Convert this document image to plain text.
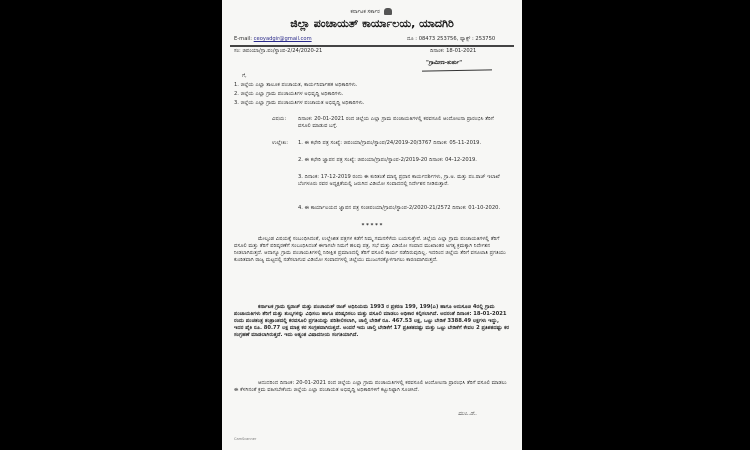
ಕರ್ನಾಟಕ ಸರ್ಕಾರ
ಜಿಲ್ಲಾ ಪಂಚಾಯತ್ ಕಾರ್ಯಾಲಯ, ಯಾದಗಿರಿ
E-mail: ceoyadgir@gmail.com	ದೂ : 08473 253756, ಫ್ಯಾಕ್ಸ್ : 253750
ಸಂ: ಜಿಪಂಯಾ/ಗ್ರಾ.ಪಂ/ಸ್ಥಾಂಪ-2/24/2020-21	ದಿನಾಂಕ: 18-01-2021
"ಗ್ರಾಮೀಣ-ತುರ್ತು"
ಗೆ,
1. ಜಿಲ್ಲೆಯ ಎಲ್ಲಾ ತಾಲೂಕ ಪಂಚಾಯತ, ಕಾರ್ಯನಿರ್ವಾಹಕ ಅಧಿಕಾರಿಗಳು.
2. ಜಿಲ್ಲೆಯ ಎಲ್ಲಾ ಗ್ರಾಮ ಪಂಚಾಯತಿಗಳ ಅಭಿವೃದ್ಧಿ ಅಧಿಕಾರಿಗಳು.
3. ಜಿಲ್ಲೆಯ ಎಲ್ಲಾ ಗ್ರಾಮ ಪಂಚಾಯತಿಗಳ ಪಂಚಾಯತ ಅಭಿವೃದ್ಧಿ ಅಧಿಕಾರಿಗಳು.
ವಿಷಯ: ದಿನಾಂಕ: 20-01-2021 ರಂದ ಜಿಲ್ಲೆಯ ಎಲ್ಲಾ ಗ್ರಾಮ ಪಂಚಾಯತಿಗಳಲ್ಲಿ ಕರವಸೂಲಿ ಆಂದೋಲನಾ ಪ್ರಾರಂಭಿಸಿ ತೆರಿಗೆ ವಸೂಲಿ ಮಾಡುವ ಬಗ್ಗೆ.
ಉಲ್ಲೇಖ: 1. ಈ ಕಛೇರಿ ಪತ್ರ ಸಂಖ್ಯೆ: ಜಿಪಂಯಾ/ಗ್ರಾಪಂ/ಸ್ಥಾಂಪ/24/2019-20/3767 ದಿನಾಂಕ: 05-11-2019.
2. ಈ ಕಛೇರಿ ಜ್ಞಾಪನ ಪತ್ರ ಸಂಖ್ಯೆ: ಜಿಪಂಯಾ/ಗ್ರಾಪಂ/ಸ್ಥಾಂಪ-2/2019-20 ದಿನಾಂಕ: 04-12-2019.
3. ದಿನಾಂಕ: 17-12-2019 ರಂದು ಈ ಕುರಿತಂತೆ ಮಾನ್ಯ ಪ್ರಧಾನ ಕಾರ್ಯದರ್ಶಿಗಳು, ಗ್ರಾ.ಅ. ಮತ್ತು ಪಂ.ರಾಜ್ ಇಲಾಖೆ ಬೆಂಗಳೂರು ರವರ ಅಧ್ಯಕ್ಷತೆಯಲ್ಲಿ ಜರುಗಿದ ವಿಡಿಯೋ ಸಂವಾದದಲ್ಲಿ ನಿರ್ದೇಶನ ನೀಡಿರುತ್ತಾರೆ.
4. ಈ ಕಾರ್ಯಾಲಯದ ಜ್ಞಾಪನ ಪತ್ರ ಸಂಜಿಪಂಯಾ/ಗ್ರಾಪಂ/ಸ್ಥಾಂಪ-2/2020-21/2572 ದಿನಾಂಕ: 01-10-2020.
* * * * *
ಮೇಲ್ಕಂಡ ವಿಷಯಕ್ಕೆ ಸಂಬಂಧಿಸಿದಂತೆ, ಉಲ್ಲೇಖಿತ ಪತ್ರಗಳ ಕಡೆಗೆ ನಿಮ್ಮ ಗಮನಸೆಳೆಯ ಬಯಸುತ್ತೇನೆ. ಜಿಲ್ಲೆಯ ಎಲ್ಲಾ ಗ್ರಾಮ ಪಂಚಾಯತಿಗಳಲ್ಲಿ ತೆರಿಗೆ ವಸೂಲಿ ಮತ್ತು ತೆರಿಗೆ ಪರಿಷ್ಕರಣೆಗೆ ಸಂಬಂಧಿಸಿದಂತೆ ಈಗಾಗಲೇ ನಿಮಗೆ ಹಲವು ಪತ್ರ, ಸಭೆ ಮತ್ತು ವಿಡಿಯೋ ಸಂವಾದ ಮುಖಾಂತರ ಅಗತ್ಯ ಕ್ರಮಕ್ಕಾಗಿ ನಿರ್ದೇಶನ ನೀಡಲಾಗಿರುತ್ತದೆ. ಆದಾಗ್ಯೂ ಗ್ರಾಮ ಪಂಚಾಯತಿಗಳಲ್ಲಿ ನಿರೀಕ್ಷಿತ ಪ್ರಮಾಣದಲ್ಲಿ ತೆರಿಗೆ ವಸೂಲಿ ಕಾರ್ಯ ನಡೆದಿರುವುದಿಲ್ಲ. ಇದರಿಂದ ಜಿಲ್ಲೆಯ ತೆರಿಗೆ ವಸೂಲಾತಿ ಪ್ರಗತಿಯು ಕುಂಠಿತವಾಗಿ ರಾಜ್ಯ ಮಟ್ಟದಲ್ಲಿ ನಡೆಸಲಾಗುವ ವಿಡಿಯೋ ಸಂವಾದಗಳಲ್ಲಿ ಜಿಲ್ಲೆಯು ಮುಜುಗರಕ್ಕೊಳಗಾಗಲು ಕಾರಣವಾಗಿರುತ್ತದೆ.
ಕರ್ನಾಟಕ ಗ್ರಾಮ ಸ್ವರಾಜ್ ಮತ್ತು ಪಂಚಾಯತ್ ರಾಜ್ ಅಧಿನಿಯಮ 1993 ರ ಪ್ರಕರಣ 199, 199(ಎ) ಹಾಗೂ ಅನುಸೂಚಿ 4ರಲ್ಲಿ ಗ್ರಾಮ ಪಂಚಾಯತಿಗಳು ತೆರಿಗೆ ಮತ್ತು ಶುಲ್ಕಗಳನ್ನು ವಿಧಿಸಲು ಹಾಗೂ ಪರಿಷ್ಕರಿಸಲು ಮತ್ತು ವಸೂಲಿ ಮಾಡಲು ಅಧಿಕಾರ ಕಲ್ಪಿಸಲಾಗಿದೆ. ಅದರಂತೆ ದಿನಾಂಕ: 18-01-2021 ರಂದು ಪಂಚತಂತ್ರ ತಂತ್ರಾಂಶದಲ್ಲಿ ಕರವಸೂಲಿ ಪ್ರಗತಿಯನ್ನು ಪರಿಶೀಲಿಸಲಾಗಿ, ಚಾಲ್ತಿ ಬೇಡಿಕೆ ರೂ. 467.53 ಲಕ್ಷ, ಒಟ್ಟು ಬೇಡಿಕೆ 3388.49 ಲಕ್ಷಗಳು ಇದ್ದು, ಇದರ ಪೈಕಿ ರೂ. 80.77 ಲಕ್ಷ ಮಾತ್ರ ಕರ ಸಂಗ್ರಹವಾಗಿರುತ್ತದೆ. ಅಂದರೆ ಇದು ಚಾಲ್ತಿ ಬೇಡಿಕೆಗೆ 17 ಪ್ರತಿಶತದಷ್ಟು ಮತ್ತು ಒಟ್ಟು ಬೇಡಿಕೆಗೆ ಕೇವಲ 2 ಪ್ರತಿಶತದಷ್ಟು ಕರ ಸಂಗ್ರಹಣೆ ಮಾಡಲಾಗಿರುತ್ತದೆ. ಇದು ಅತ್ಯಂತ ವಿಷಾದನೀಯ ಸಂಗತಿಯಾಗಿದೆ.
ಆದುದರಿಂದ ದಿನಾಂಕ: 20-01-2021 ರಂದ ಜಿಲ್ಲೆಯ ಎಲ್ಲಾ ಗ್ರಾಮ ಪಂಚಾಯತಿಗಳಲ್ಲಿ ಕರವಸೂಲಿ ಆಂದೋಲನಾ ಪ್ರಾರಂಭಿಸಿ ತೆರಿಗೆ ವಸೂಲಿ ಮಾಡಲು ಈ ಕೆಳಗಿನಂತೆ ಕ್ರಮ ವಹಿಸಬೇಕೆಂದು ಜಿಲ್ಲೆಯ ಎಲ್ಲಾ ಪಂಚಾಯತ ಅಭಿವೃದ್ಧಿ ಅಧಿಕಾರಿಗಳಿಗೆ ಕಟ್ಟುನಿಟ್ಟಾಗಿ ಸೂಚಿಸಿದೆ.
ಮುಂ..ಡೆ..
CamScanner
